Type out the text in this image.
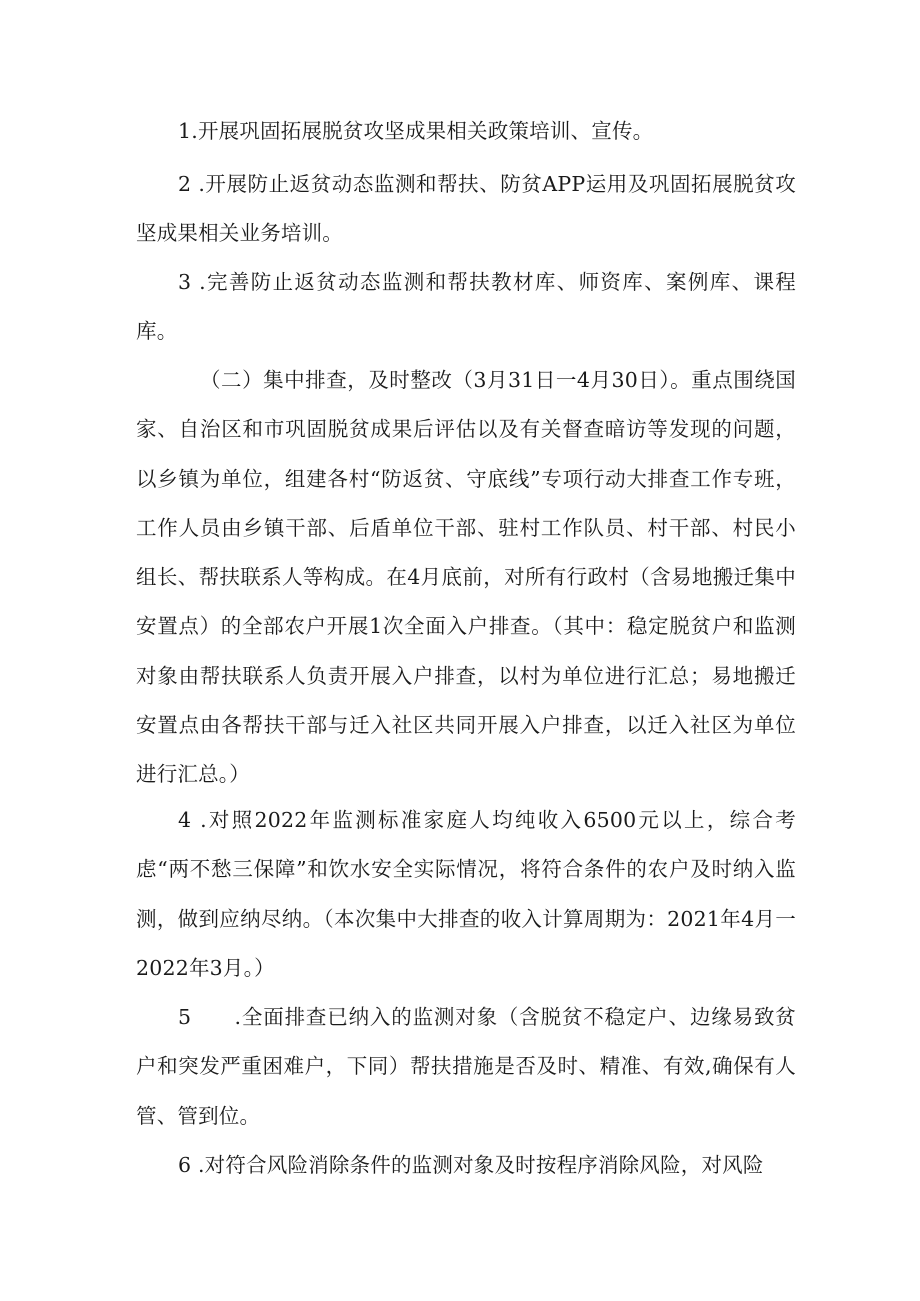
1.开展巩固拓展脱贫攻坚成果相关政策培训、宣传。

2 .开展防止返贫动态监测和帮扶、防贫APP运用及巩固拓展脱贫攻坚成果相关业务培训。

3 .完善防止返贫动态监测和帮扶教材库、师资库、案例库、课程库。

（二）集中排查，及时整改（3月31日一4月30日）。重点围绕国家、自治区和市巩固脱贫成果后评估以及有关督查暗访等发现的问题，以乡镇为单位，组建各村“防返贫、守底线”专项行动大排查工作专班，工作人员由乡镇干部、后盾单位干部、驻村工作队员、村干部、村民小组长、帮扶联系人等构成。在4月底前，对所有行政村（含易地搬迁集中安置点）的全部农户开展1次全面入户排查。（其中：稳定脱贫户和监测对象由帮扶联系人负责开展入户排查，以村为单位进行汇总；易地搬迁安置点由各帮扶干部与迁入社区共同开展入户排查，以迁入社区为单位进行汇总。）

4 .对照2022年监测标准家庭人均纯收入6500元以上，综合考虑“两不愁三保障”和饮水安全实际情况，将符合条件的农户及时纳入监测，做到应纳尽纳。（本次集中大排查的收入计算周期为：2021年4月一2022年3月。）

5　　.全面排查已纳入的监测对象（含脱贫不稳定户、边缘易致贫户和突发严重困难户，下同）帮扶措施是否及时、精准、有效,确保有人管、管到位。

6 .对符合风险消除条件的监测对象及时按程序消除风险，对风险
